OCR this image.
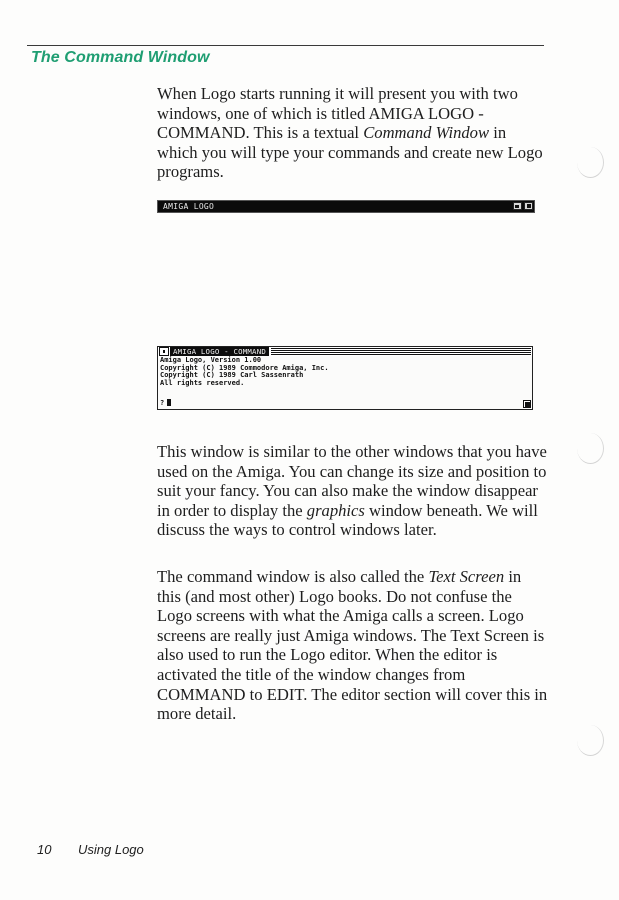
The Command Window

When Logo starts running it will present you with two windows, one of which is titled AMIGA LOGO - COMMAND. This is a textual Command Window in which you will type your commands and create new Logo programs.

AMIGA LOGO
AMIGA LOGO - COMMAND
Amiga Logo, Version 1.00
Copyright (C) 1989 Commodore Amiga, Inc.
Copyright (C) 1989 Carl Sassenrath
All rights reserved.
?

This window is similar to the other windows that you have used on the Amiga. You can change its size and position to suit your fancy. You can also make the window disappear in order to display the graphics window beneath. We will discuss the ways to control windows later.

The command window is also called the Text Screen in this (and most other) Logo books. Do not confuse the Logo screens with what the Amiga calls a screen. Logo screens are really just Amiga windows. The Text Screen is also used to run the Logo editor. When the editor is activated the title of the window changes from COMMAND to EDIT. The editor section will cover this in more detail.

10 Using Logo
